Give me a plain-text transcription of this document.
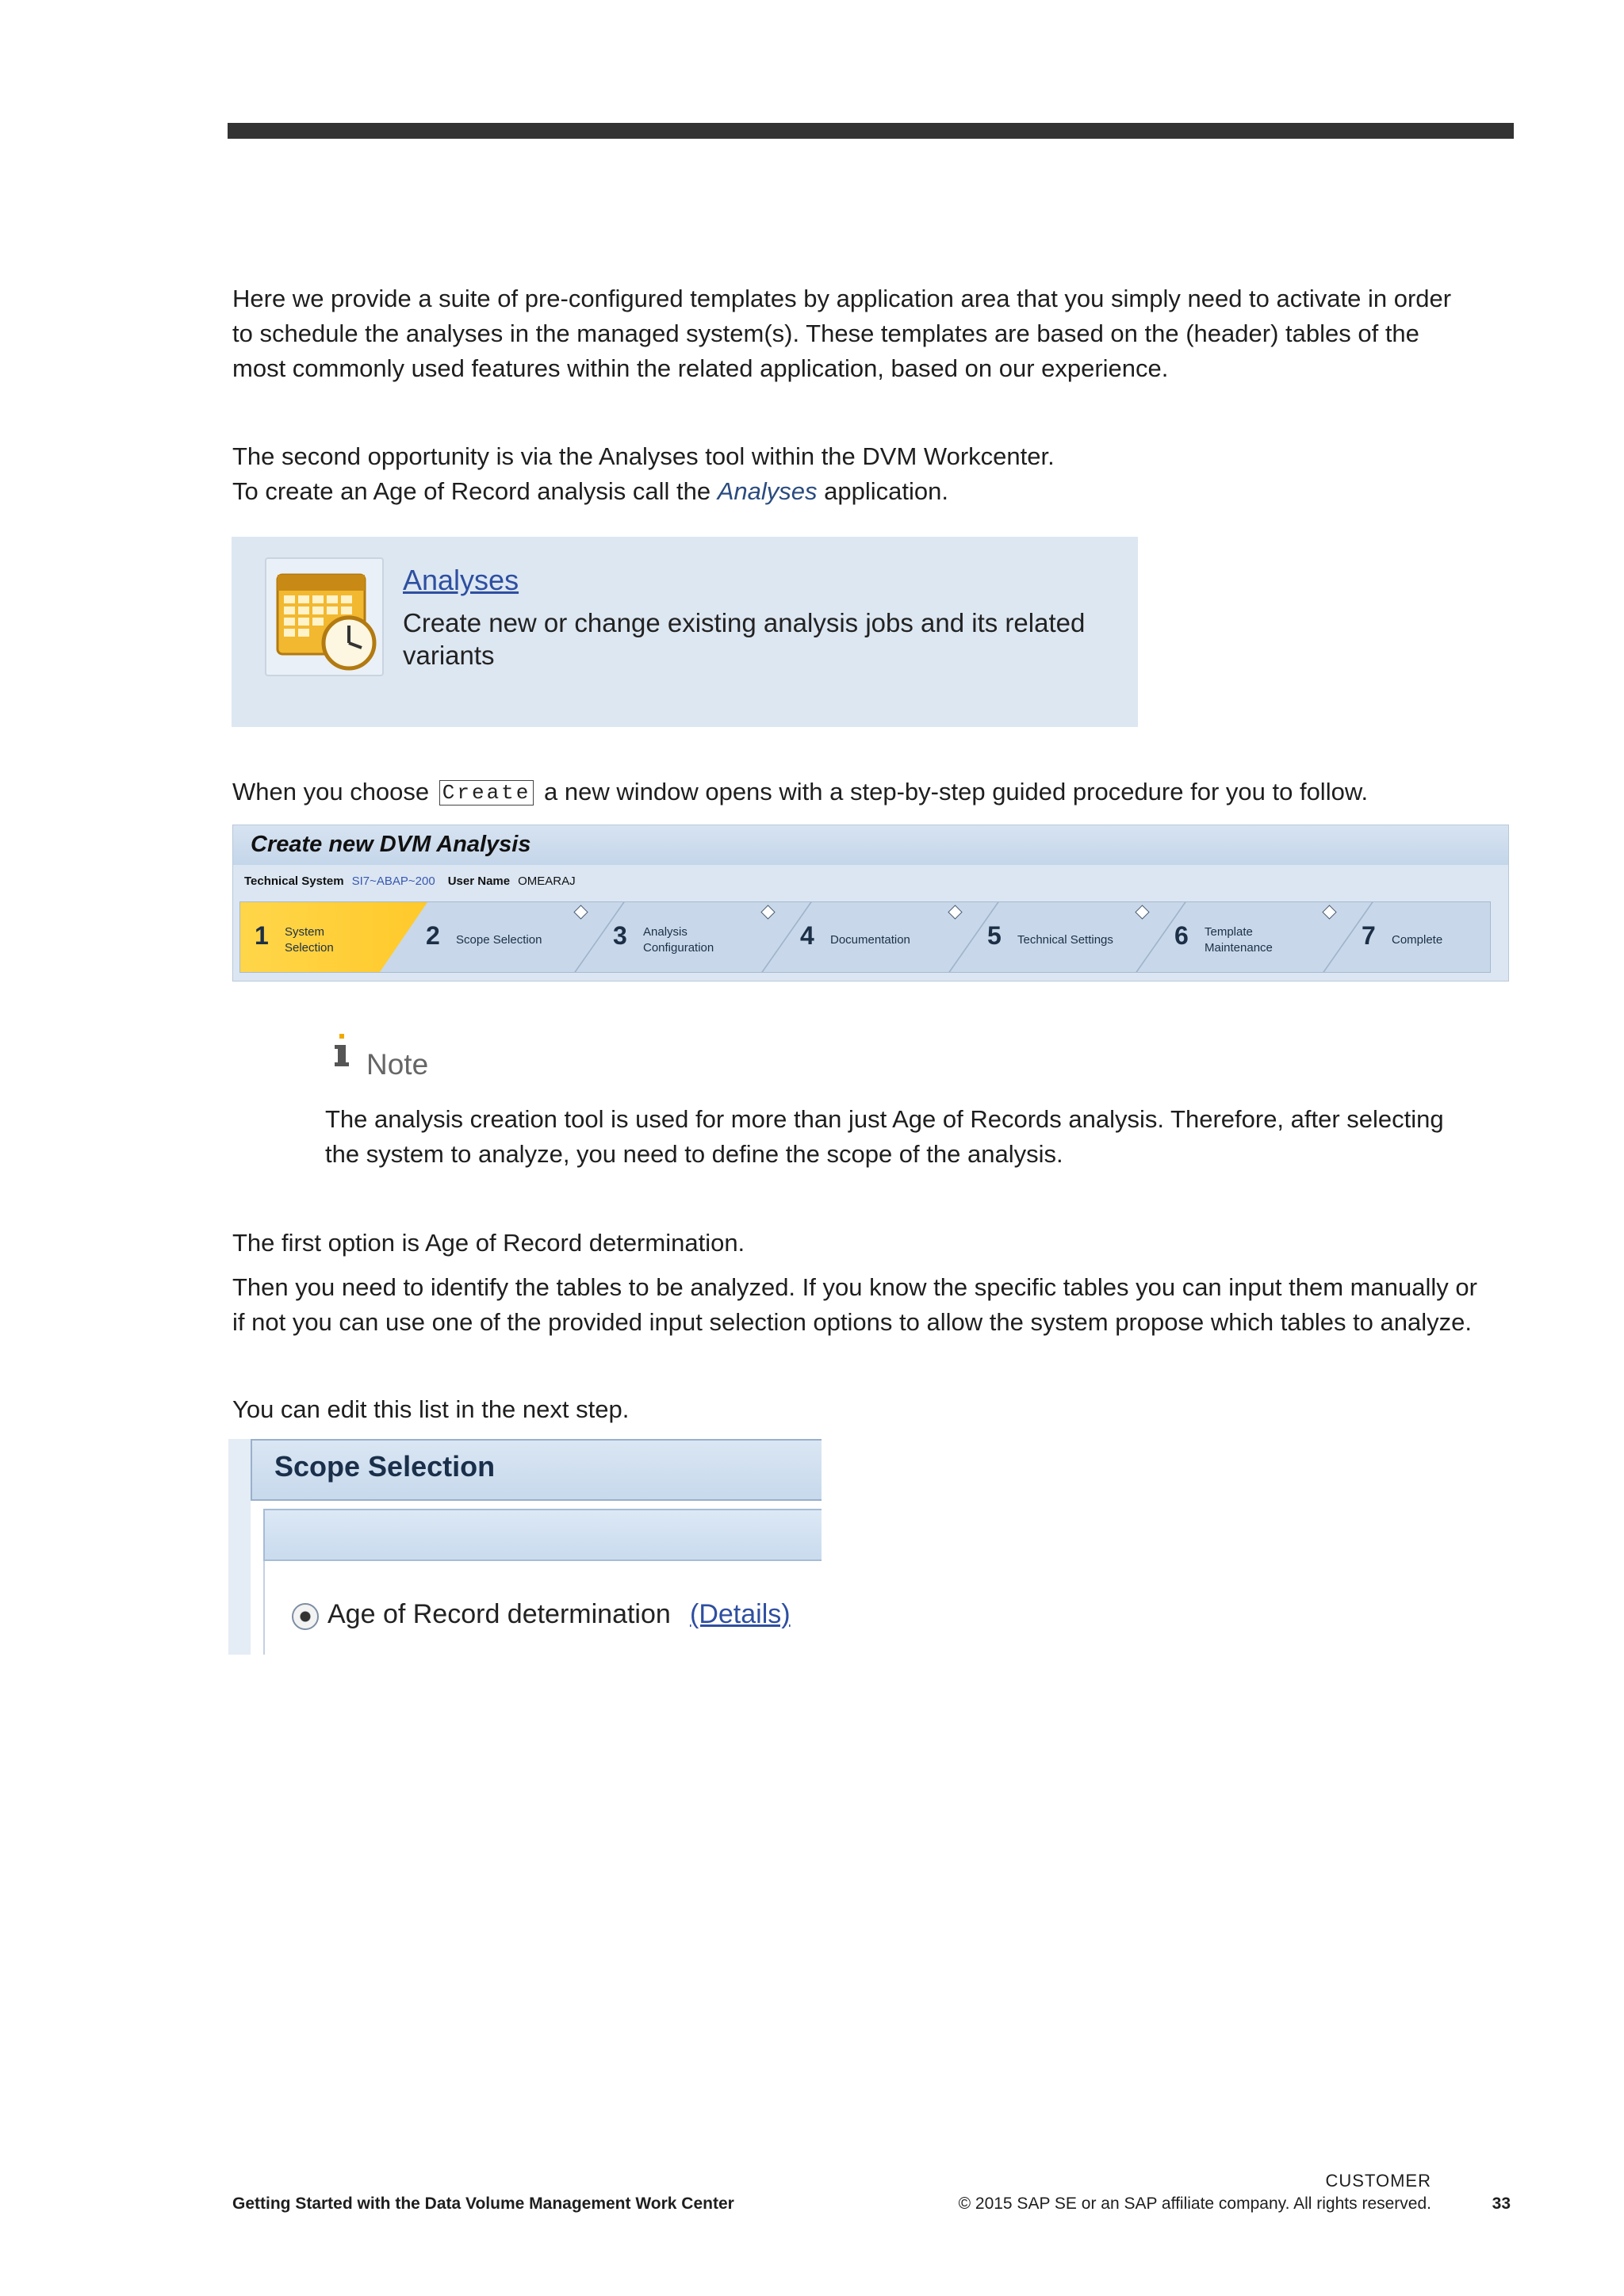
Here we provide a suite of pre-configured templates by application area that you simply need to activate in order
to schedule the analyses in the managed system(s). These templates are based on the (header) tables of the
most commonly used features within the related application, based on our experience.
The second opportunity is via the Analyses tool within the DVM Workcenter.
To create an Age of Record analysis call the Analyses application.
Analyses
Create new or change existing analysis jobs and its related variants
When you choose Create a new window opens with a step-by-step guided procedure for you to follow.
Create new DVM Analysis
Technical System SI7~ABAP~200 User Name OMEARAJ
1 System
Selection	2 Scope Selection	3 Analysis
Configuration	4 Documentation	5 Technical Settings 6 Template
Maintenance	7 Complete
Note
The analysis creation tool is used for more than just Age of Records analysis. Therefore, after selecting
the system to analyze, you need to define the scope of the analysis.
The first option is Age of Record determination.
Then you need to identify the tables to be analyzed. If you know the specific tables you can input them manually or
if not you can use one of the provided input selection options to allow the system propose which tables to analyze.
You can edit this list in the next step.
Scope Selection
Age of Record determination (Details)
CUSTOMER
Getting Started with the Data Volume Management Work Center	© 2015 SAP SE or an SAP affiliate company. All rights reserved.	33
